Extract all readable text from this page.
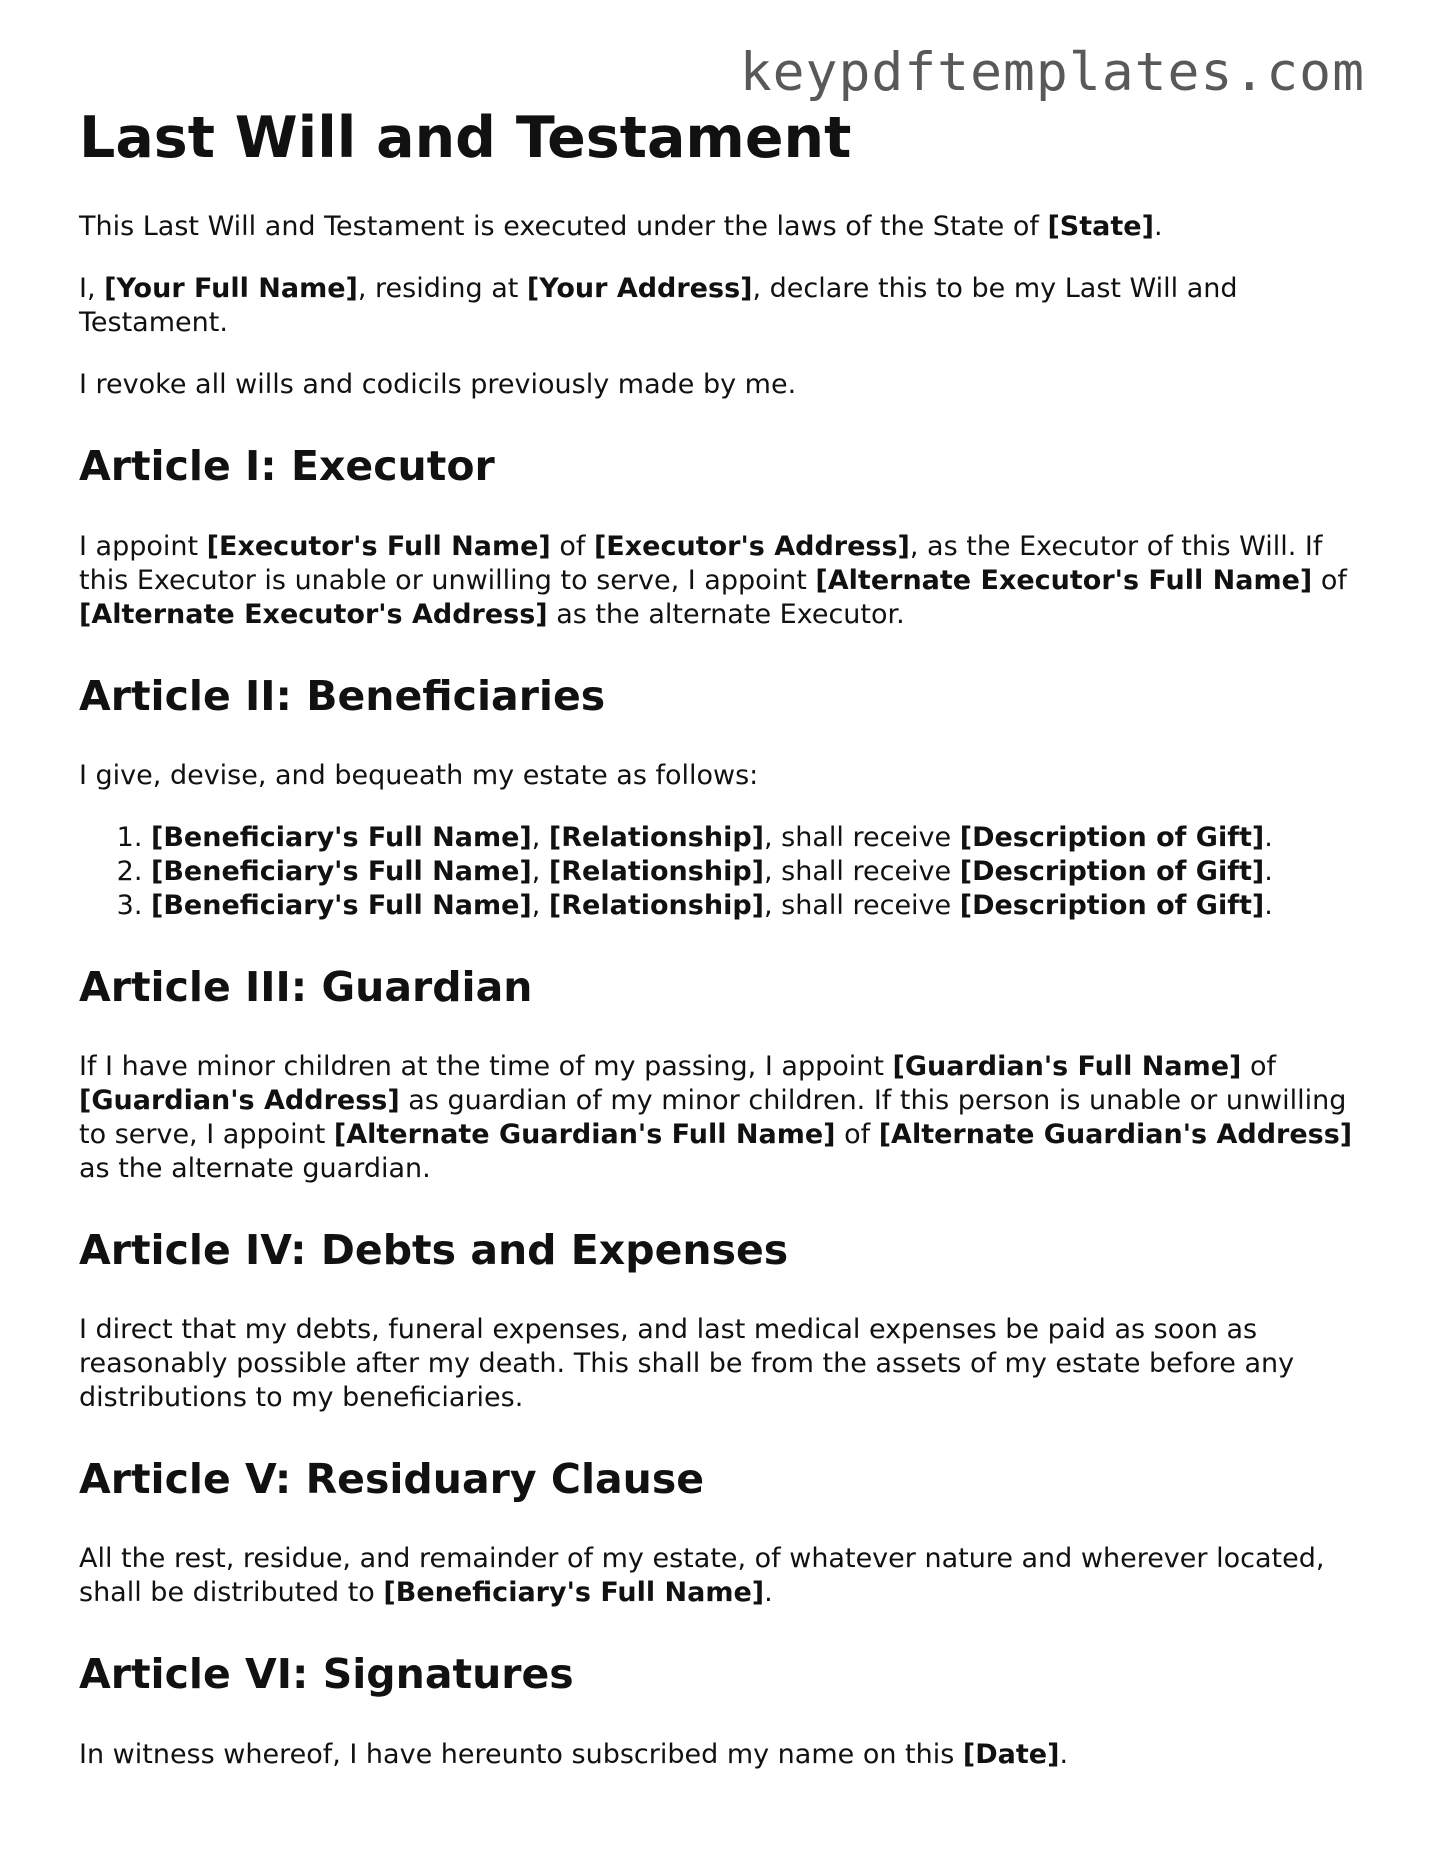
keypdftemplates.com
Last Will and Testament

This Last Will and Testament is executed under the laws of the State of [State].

I, [Your Full Name], residing at [Your Address], declare this to be my Last Will and Testament.

I revoke all wills and codicils previously made by me.

Article I: Executor

I appoint [Executor's Full Name] of [Executor's Address], as the Executor of this Will. If this Executor is unable or unwilling to serve, I appoint [Alternate Executor's Full Name] of [Alternate Executor's Address] as the alternate Executor.

Article II: Beneficiaries

I give, devise, and bequeath my estate as follows:

1. [Beneficiary's Full Name], [Relationship], shall receive [Description of Gift].
2. [Beneficiary's Full Name], [Relationship], shall receive [Description of Gift].
3. [Beneficiary's Full Name], [Relationship], shall receive [Description of Gift].
Article III: Guardian

If I have minor children at the time of my passing, I appoint [Guardian's Full Name] of [Guardian's Address] as guardian of my minor children. If this person is unable or unwilling to serve, I appoint [Alternate Guardian's Full Name] of [Alternate Guardian's Address] as the alternate guardian.

Article IV: Debts and Expenses

I direct that my debts, funeral expenses, and last medical expenses be paid as soon as reasonably possible after my death. This shall be from the assets of my estate before any distributions to my beneficiaries.

Article V: Residuary Clause

All the rest, residue, and remainder of my estate, of whatever nature and wherever located, shall be distributed to [Beneficiary's Full Name].

Article VI: Signatures

In witness whereof, I have hereunto subscribed my name on this [Date].
